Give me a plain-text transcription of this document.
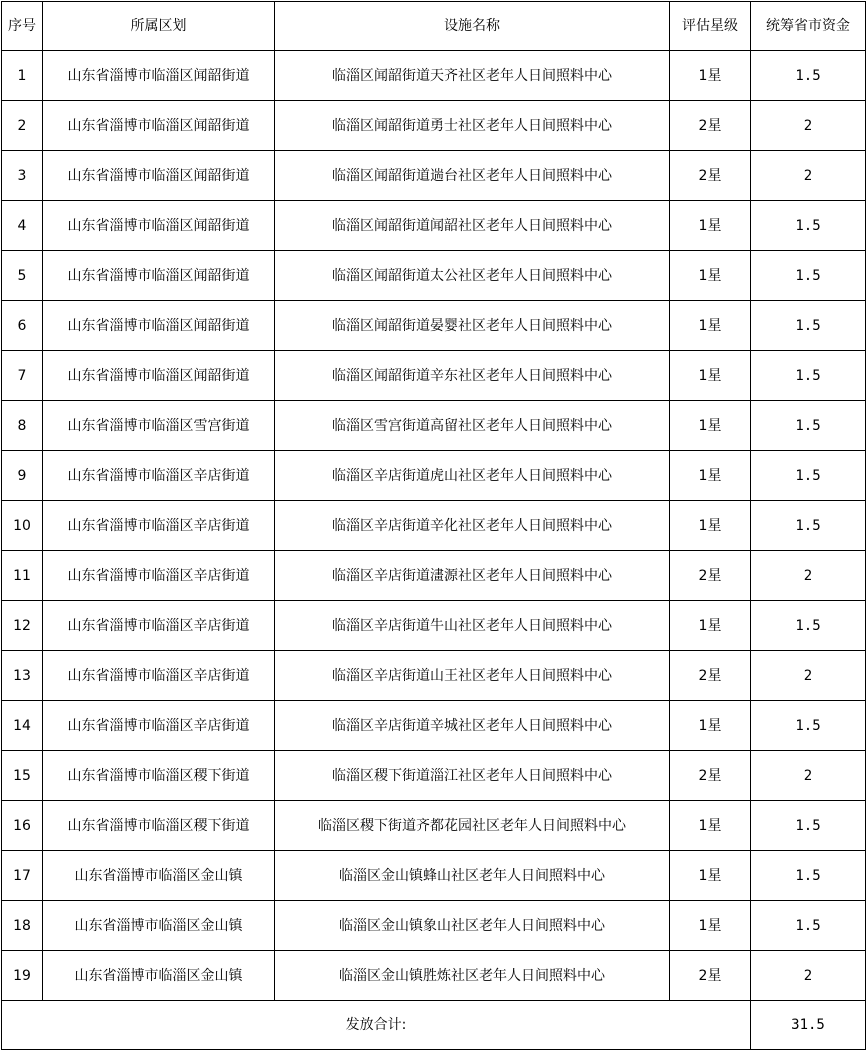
序号	所属区划	设施名称	评估星级	统筹省市资金
1	山东省淄博市临淄区闻韶街道	临淄区闻韶街道天齐社区老年人日间照料中心	1星	1.5
2	山东省淄博市临淄区闻韶街道	临淄区闻韶街道勇士社区老年人日间照料中心	2星	2
3	山东省淄博市临淄区闻韶街道	临淄区闻韶街道遄台社区老年人日间照料中心	2星	2
4	山东省淄博市临淄区闻韶街道	临淄区闻韶街道闻韶社区老年人日间照料中心	1星	1.5
5	山东省淄博市临淄区闻韶街道	临淄区闻韶街道太公社区老年人日间照料中心	1星	1.5
6	山东省淄博市临淄区闻韶街道	临淄区闻韶街道晏婴社区老年人日间照料中心	1星	1.5
7	山东省淄博市临淄区闻韶街道	临淄区闻韶街道辛东社区老年人日间照料中心	1星	1.5
8	山东省淄博市临淄区雪宫街道	临淄区雪宫街道高留社区老年人日间照料中心	1星	1.5
9	山东省淄博市临淄区辛店街道	临淄区辛店街道虎山社区老年人日间照料中心	1星	1.5
10	山东省淄博市临淄区辛店街道	临淄区辛店街道辛化社区老年人日间照料中心	1星	1.5
11	山东省淄博市临淄区辛店街道	临淄区辛店街道澅源社区老年人日间照料中心	2星	2
12	山东省淄博市临淄区辛店街道	临淄区辛店街道牛山社区老年人日间照料中心	1星	1.5
13	山东省淄博市临淄区辛店街道	临淄区辛店街道山王社区老年人日间照料中心	2星	2
14	山东省淄博市临淄区辛店街道	临淄区辛店街道辛城社区老年人日间照料中心	1星	1.5
15	山东省淄博市临淄区稷下街道	临淄区稷下街道淄江社区老年人日间照料中心	2星	2
16	山东省淄博市临淄区稷下街道	临淄区稷下街道齐都花园社区老年人日间照料中心	1星	1.5
17	山东省淄博市临淄区金山镇	临淄区金山镇蜂山社区老年人日间照料中心	1星	1.5
18	山东省淄博市临淄区金山镇	临淄区金山镇象山社区老年人日间照料中心	1星	1.5
19	山东省淄博市临淄区金山镇	临淄区金山镇胜炼社区老年人日间照料中心	2星	2
发放合计:				31.5
